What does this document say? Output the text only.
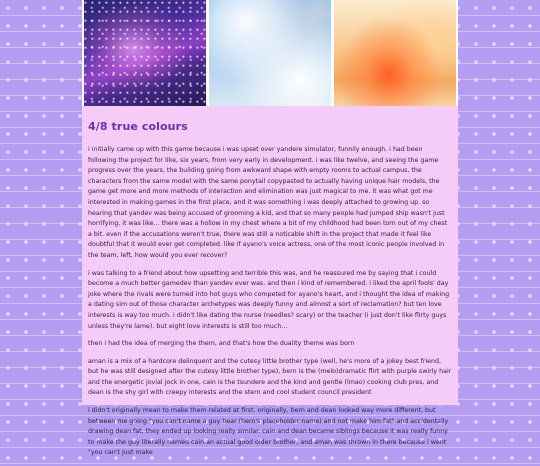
4/8 true colours

i initially came up with this game because i was upset over yandere simulator, funnily enough. i had been following the project for like, six years, from very early in development. i was like twelve, and seeing the game progress over the years, the building going from awkward shape with empty rooms to actual campus, the characters from the same model with the same ponytail copypasted to actually having unique hair models, the game get more and more methods of interaction and elimination was just magical to me. it was what got me interested in making games in the first place, and it was something i was deeply attached to growing up. so hearing that yandev was being accused of grooming a kid, and that so many people had jumped ship wasn't just horrifying, it was like... there was a hollow in my chest where a bit of my childhood had been torn out of my chest a bit. even if the accusations weren't true, there was still a noticable shift in the project that made it feel like doubtful that it would ever get completed. like if ayano's voice actress, one of the most iconic people involved in the team, left, how would you ever recover?

i was talking to a friend about how upsetting and terrible this was, and he reassured me by saying that i could become a much better gamedev than yandev ever was. and then i kind of remembered. i liked the april fools' day joke where the rivals were turned into hot guys who competed for ayano's heart, and i thought the idea of making a dating sim out of those character archetypes was deeply funny and almost a sort of reclamation? but ten love interests is way too much. i didn't like dating the nurse (needles? scary) or the teacher (i just don't like flirty guys unless they're lame). but eight love interests is still too much...

then i had the idea of merging the them, and that's how the duality theme was born

aman is a mix of a hardcore delinquent and the cutesy little brother type (well, he's more of a jokey best friend, but he was still designed after the cutesy little brother type), bern is the (melo)dramatic flirt with purple swirly hair and the energetic jovial jock in one, cain is the tsundere and the kind and gentle (lmao) cooking club pres, and dean is the shy girl with creepy interests and the stern and cool student council president

i didn't originally mean to make them related at first. originally, bern and dean looked way more different, but between me going "you can't name a guy bear (bern's placeholder name) and not make him fat" and accidentally drawing dean fat, they ended up looking really similar. cain and dean became siblings because it was really funny to make the guy literally named cain an actual good older brother, and aman was thrown in there because i went "you can't just make
